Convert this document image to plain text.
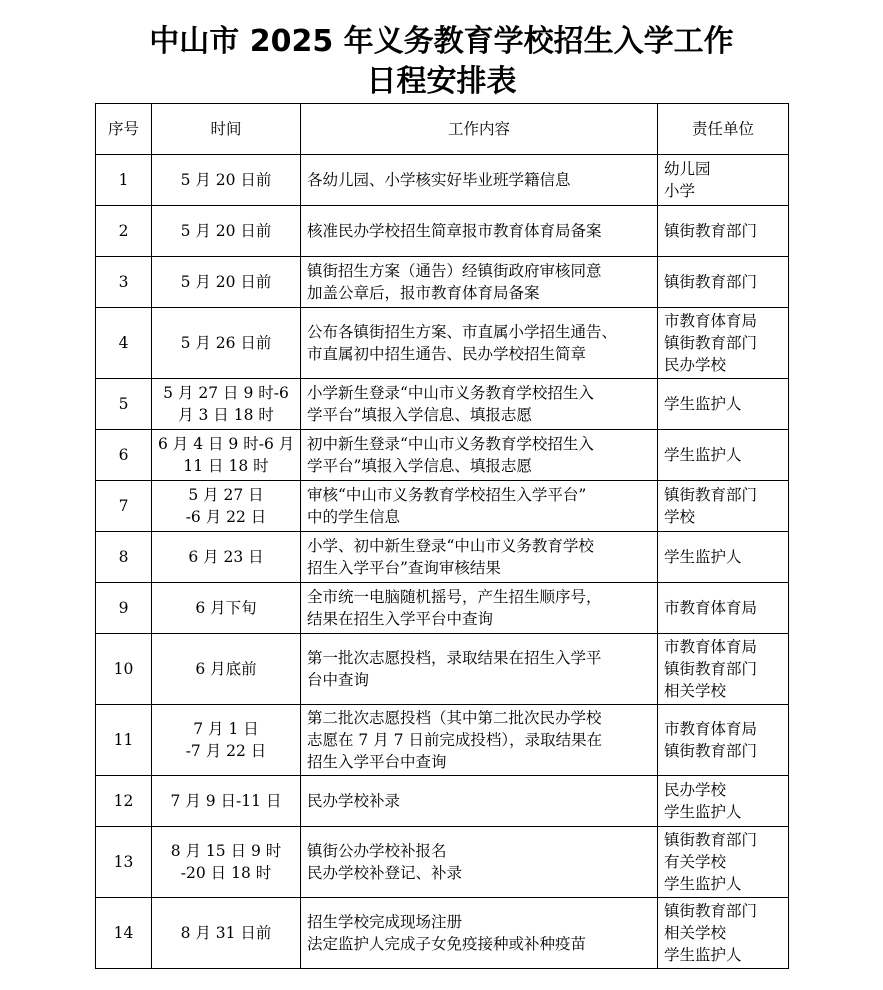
中山市 2025 年义务教育学校招生入学工作
日程安排表
序号	时间	工作内容	责任单位
1	5 月 20 日前	各幼儿园、小学核实好毕业班学籍信息	幼儿园
小学

2	5 月 20 日前	核准民办学校招生简章报市教育体育局备案	镇街教育部门

3	5 月 20 日前	镇街招生方案（通告）经镇街政府审核同意
加盖公章后，报市教育体育局备案	镇街教育部门

4	5 月 26 日前	公布各镇街招生方案、市直属小学招生通告、
市直属初中招生通告、民办学校招生简章	市教育体育局
镇街教育部门
民办学校

5	5 月 27 日 9 时-6
月 3 日 18 时	小学新生登录“中山市义务教育学校招生入
学平台”填报入学信息、填报志愿	学生监护人

6	6 月 4 日 9 时-6 月
11 日 18 时	初中新生登录“中山市义务教育学校招生入
学平台”填报入学信息、填报志愿	学生监护人

7	5 月 27 日
-6 月 22 日	审核“中山市义务教育学校招生入学平台”
中的学生信息	镇街教育部门
学校

8	6 月 23 日	小学、初中新生登录“中山市义务教育学校
招生入学平台”查询审核结果	学生监护人

9	6 月下旬	全市统一电脑随机摇号，产生招生顺序号，
结果在招生入学平台中查询	市教育体育局

10	6 月底前	第一批次志愿投档，录取结果在招生入学平
台中查询	市教育体育局
镇街教育部门
相关学校

11	7 月 1 日
-7 月 22 日	第二批次志愿投档（其中第二批次民办学校
志愿在 7 月 7 日前完成投档），录取结果在
招生入学平台中查询	市教育体育局
镇街教育部门

12	7 月 9 日-11 日	民办学校补录	民办学校
学生监护人

13	8 月 15 日 9 时
-20 日 18 时	镇街公办学校补报名
民办学校补登记、补录	镇街教育部门
有关学校
学生监护人

14	8 月 31 日前	招生学校完成现场注册
法定监护人完成子女免疫接种或补种疫苗	镇街教育部门
相关学校
学生监护人
